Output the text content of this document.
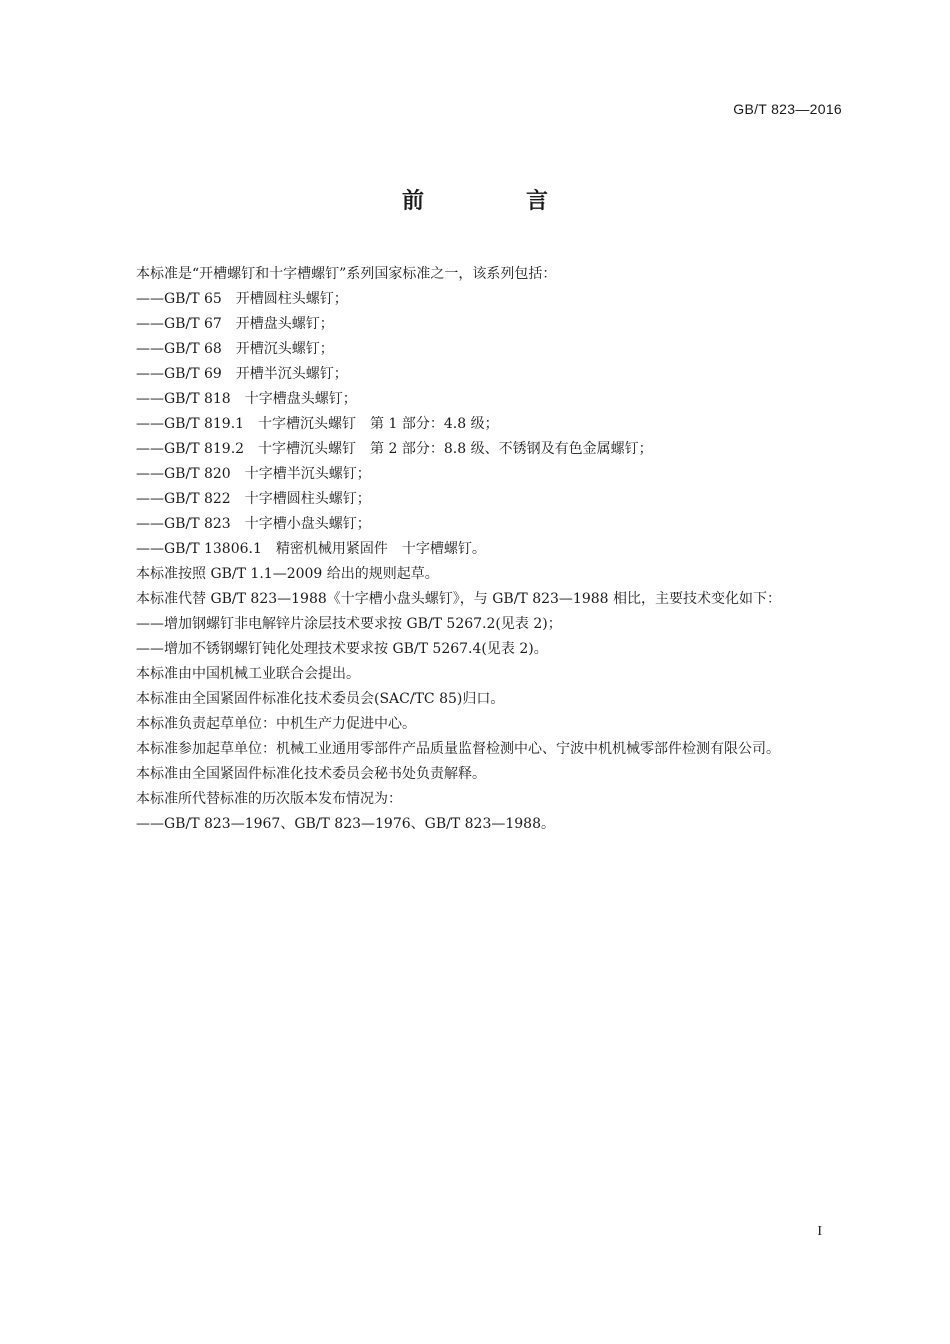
GB/T 823—2016
前　言

本标准是“开槽螺钉和十字槽螺钉”系列国家标准之一，该系列包括：

——GB/T 65　开槽圆柱头螺钉；

——GB/T 67　开槽盘头螺钉；

——GB/T 68　开槽沉头螺钉；

——GB/T 69　开槽半沉头螺钉；

——GB/T 818　十字槽盘头螺钉；

——GB/T 819.1　十字槽沉头螺钉　第 1 部分：4.8 级；

——GB/T 819.2　十字槽沉头螺钉　第 2 部分：8.8 级、不锈钢及有色金属螺钉；

——GB/T 820　十字槽半沉头螺钉；

——GB/T 822　十字槽圆柱头螺钉；

——GB/T 823　十字槽小盘头螺钉；

——GB/T 13806.1　精密机械用紧固件　十字槽螺钉。

本标准按照 GB/T 1.1—2009 给出的规则起草。

本标准代替 GB/T 823—1988《十字槽小盘头螺钉》，与 GB/T 823—1988 相比，主要技术变化如下：

——增加钢螺钉非电解锌片涂层技术要求按 GB/T 5267.2(见表 2)；

——增加不锈钢螺钉钝化处理技术要求按 GB/T 5267.4(见表 2)。

本标准由中国机械工业联合会提出。

本标准由全国紧固件标准化技术委员会(SAC/TC 85)归口。

本标准负责起草单位：中机生产力促进中心。

本标准参加起草单位：机械工业通用零部件产品质量监督检测中心、宁波中机机械零部件检测有限公司。

本标准由全国紧固件标准化技术委员会秘书处负责解释。

本标准所代替标准的历次版本发布情况为：

——GB/T 823—1967、GB/T 823—1976、GB/T 823—1988。

I
